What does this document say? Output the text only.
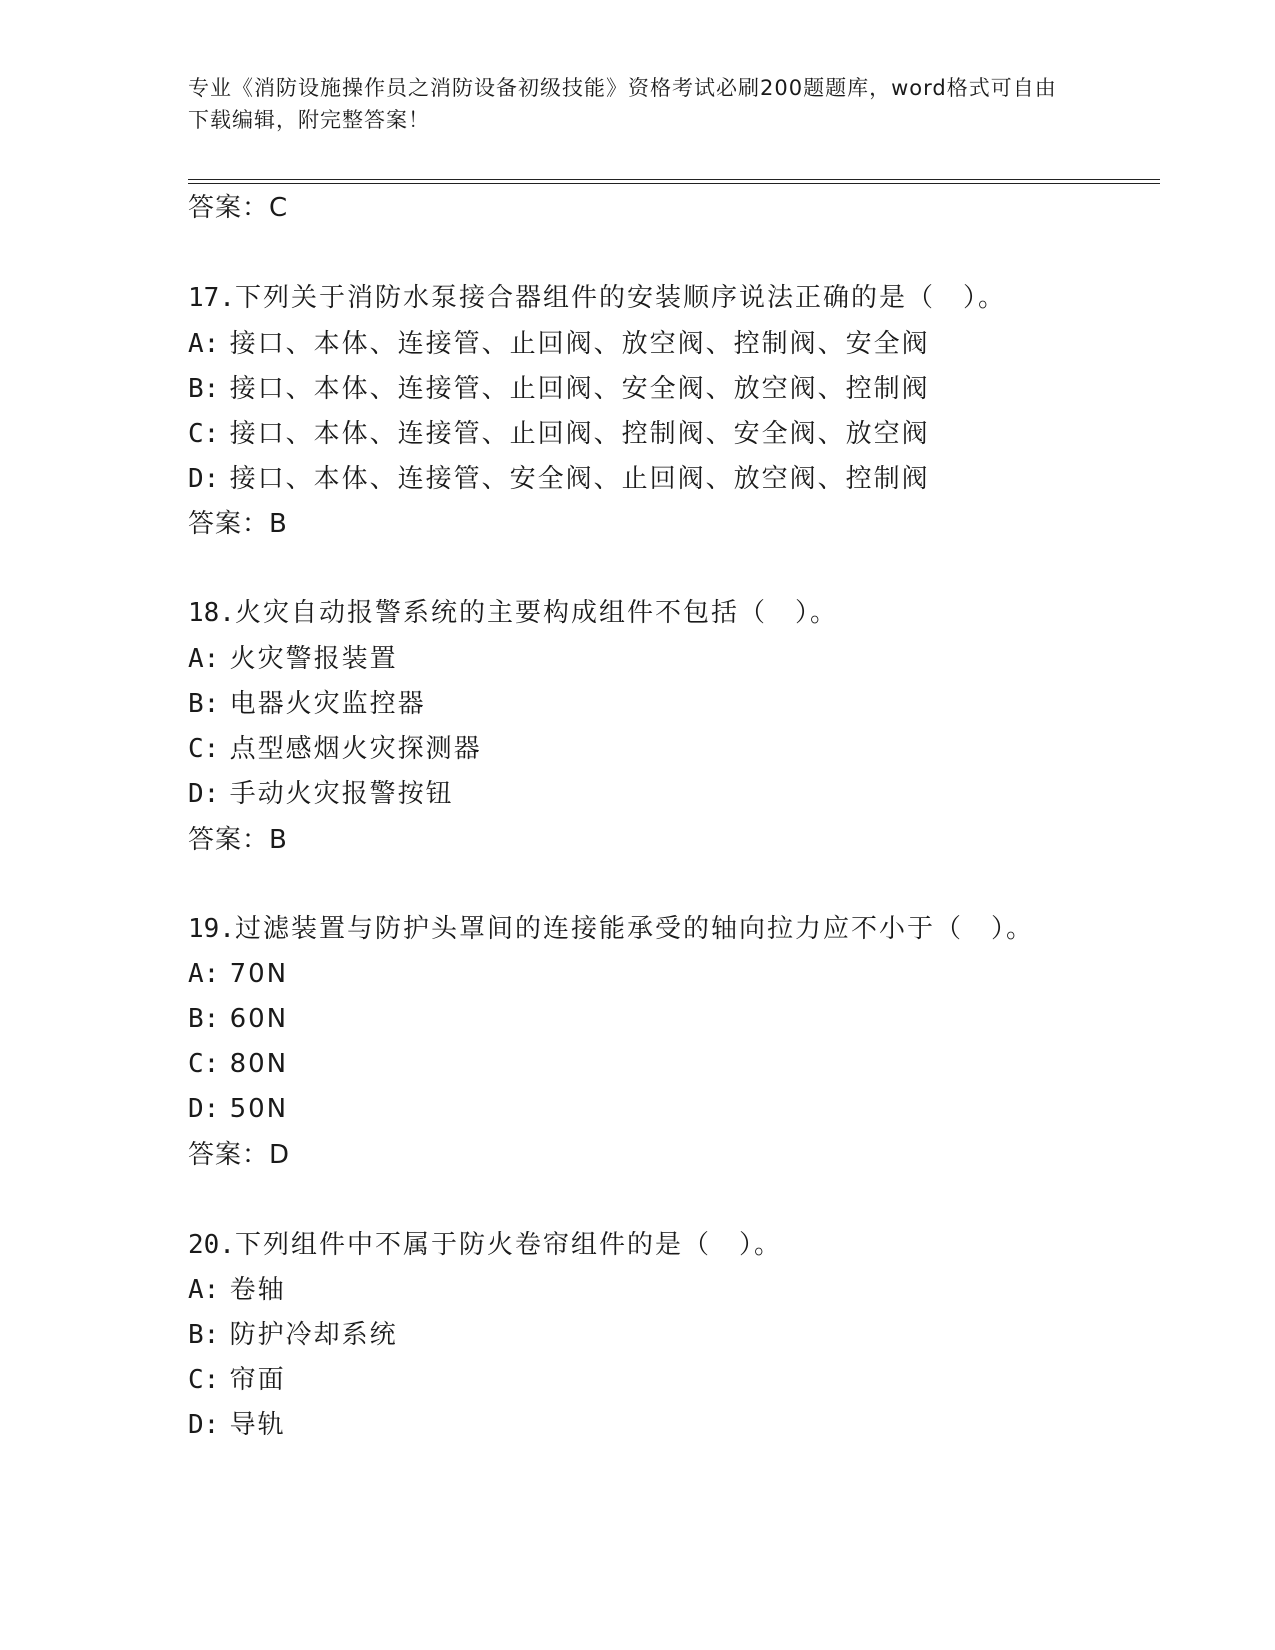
专业《消防设施操作员之消防设备初级技能》资格考试必刷200题题库，word格式可自由下载编辑，附完整答案！
答案：C
17.下列关于消防水泵接合器组件的安装顺序说法正确的是（　）。
A: 接口、本体、连接管、止回阀、放空阀、控制阀、安全阀
B: 接口、本体、连接管、止回阀、安全阀、放空阀、控制阀
C: 接口、本体、连接管、止回阀、控制阀、安全阀、放空阀
D: 接口、本体、连接管、安全阀、止回阀、放空阀、控制阀
答案：B
18.火灾自动报警系统的主要构成组件不包括（　）。
A: 火灾警报装置
B: 电器火灾监控器
C: 点型感烟火灾探测器
D: 手动火灾报警按钮
答案：B
19.过滤装置与防护头罩间的连接能承受的轴向拉力应不小于（　）。
A: 70N
B: 60N
C: 80N
D: 50N
答案：D
20.下列组件中不属于防火卷帘组件的是（　）。
A: 卷轴
B: 防护冷却系统
C: 帘面
D: 导轨
